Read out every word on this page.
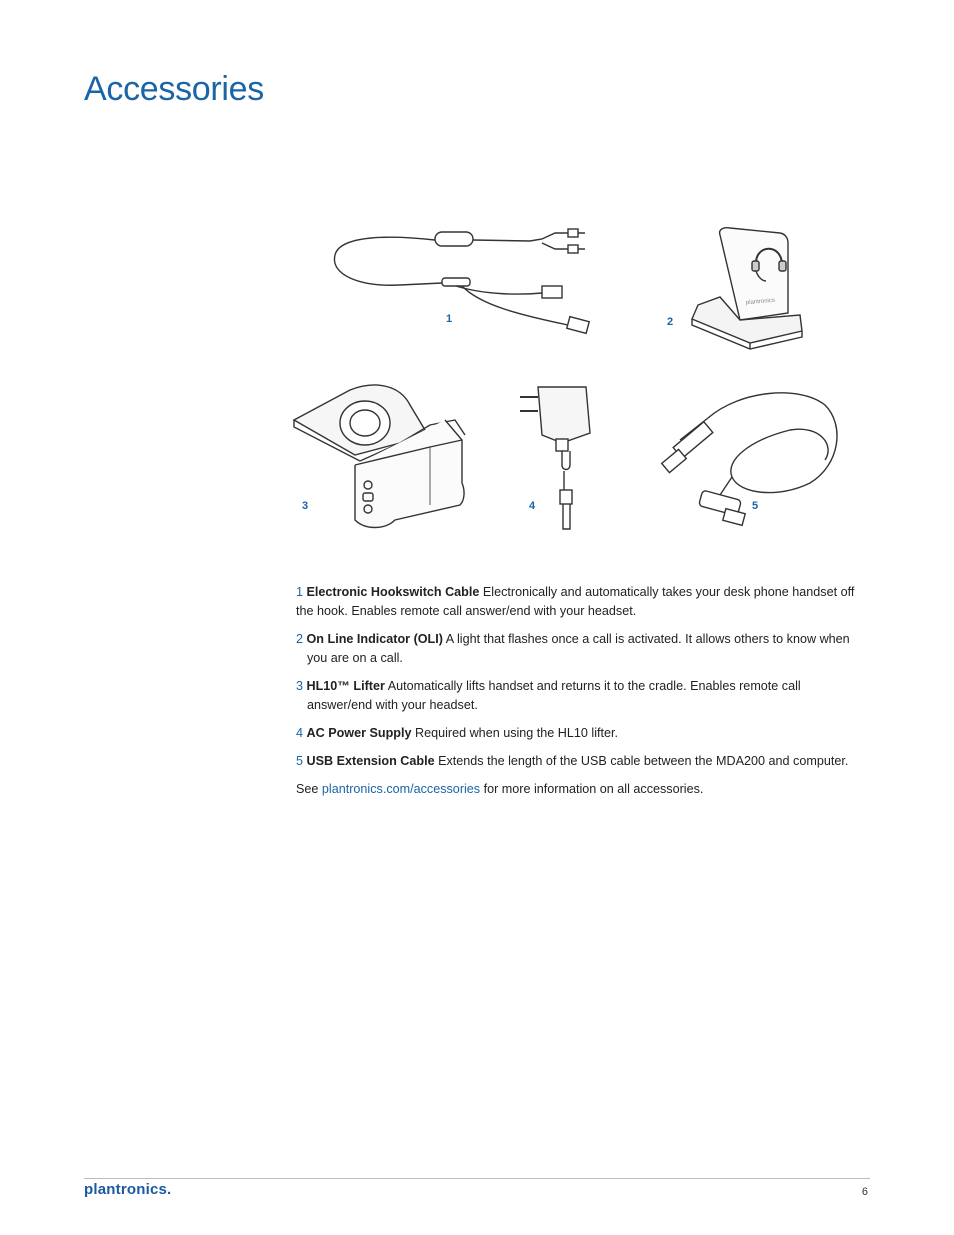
Accessories
1
plantronics
2
3	4	5

1 Electronic Hookswitch Cable Electronically and automatically takes your desk phone handset off the hook. Enables remote call answer/end with your headset.

2 On Line Indicator (OLI) A light that flashes once a call is activated. It allows others to know when you are on a call.

3 HL10™ Lifter Automatically lifts handset and returns it to the cradle. Enables remote call answer/end with your headset.

4 AC Power Supply Required when using the HL10 lifter.

5 USB Extension Cable Extends the length of the USB cable between the MDA200 and computer.

See plantronics.com/accessories for more information on all accessories.

plantronics.	6
